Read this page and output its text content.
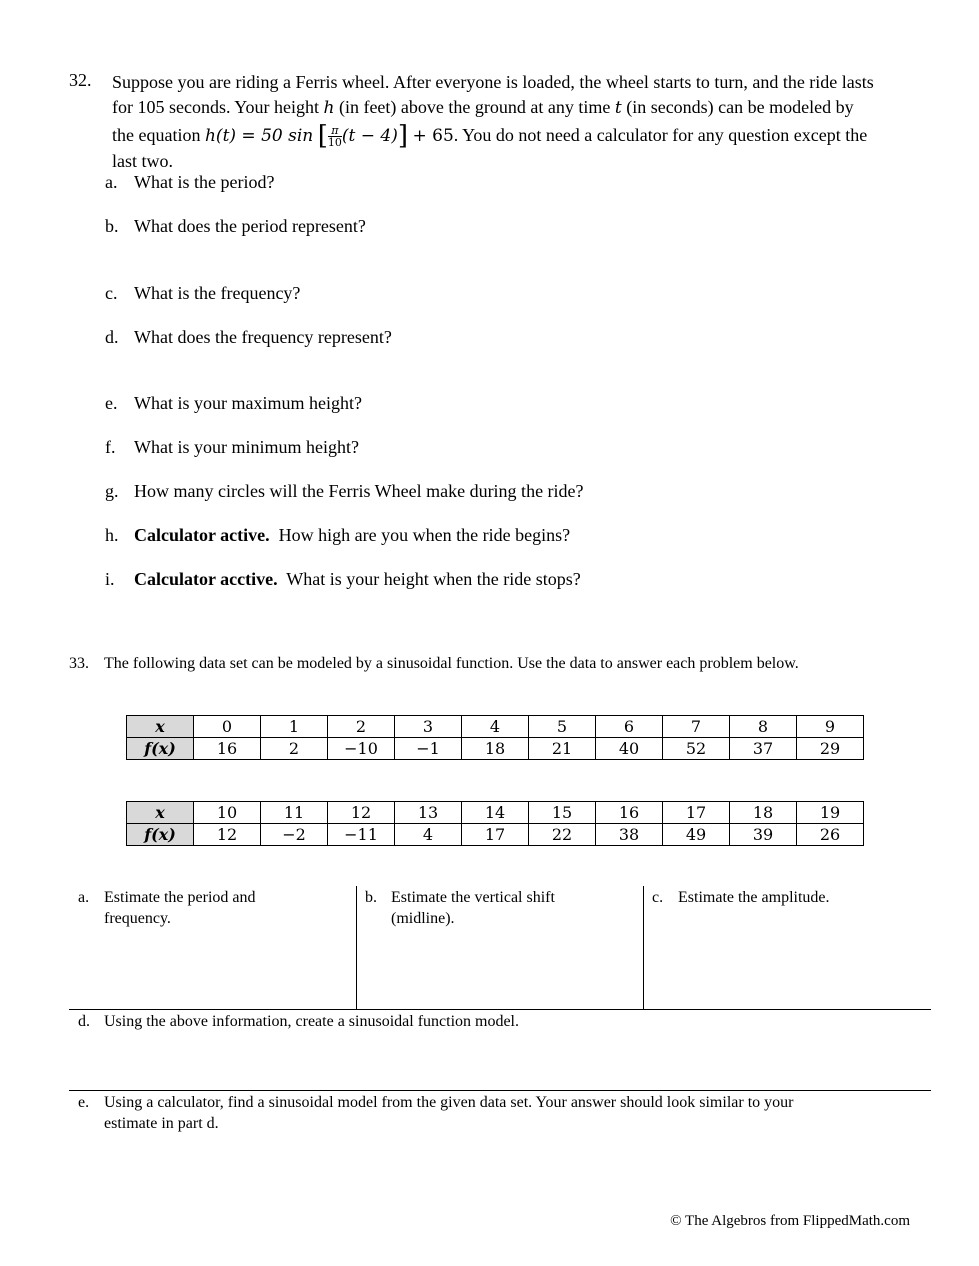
32. Suppose you are riding a Ferris wheel. After everyone is loaded, the wheel starts to turn, and the ride lasts

for 105 seconds. Your height h (in feet) above the ground at any time t (in seconds) can be modeled by

the equation h(t) = 50 sin [ $\frac{\pi}{10} (t - 4)] + 65$. You do not need a calculator for any question except the

last two.

a. What is the period?
b. What does the period represent?
c. What is the frequency?
d. What does the frequency represent?
e. What is your maximum height?
f. What is your minimum height?
g. How many circles will the Ferris Wheel make during the ride?
h. Calculator active.  How high are you when the ride begins?
i. Calculator acctive.  What is your height when the ride stops?
33. The following data set can be modeled by a sinusoidal function. Use the data to answer each problem below.
x	0	1	2	3	4	5	6	7	8	9
f(x)	16	2	−10	−1	18	21	40	52	37	29
x	10	11	12	13	14	15	16	17	18	19
f(x)	12	−2	−11	4	17	22	38	49	39	26
a. Estimate the period and
frequency.
b. Estimate the vertical shift
(midline).
c. Estimate the amplitude.
d. Using the above information, create a sinusoidal function model.
e. Using a calculator, find a sinusoidal model from the given data set. Your answer should look similar to your
estimate in part d.
© The Algebros from FlippedMath.com
